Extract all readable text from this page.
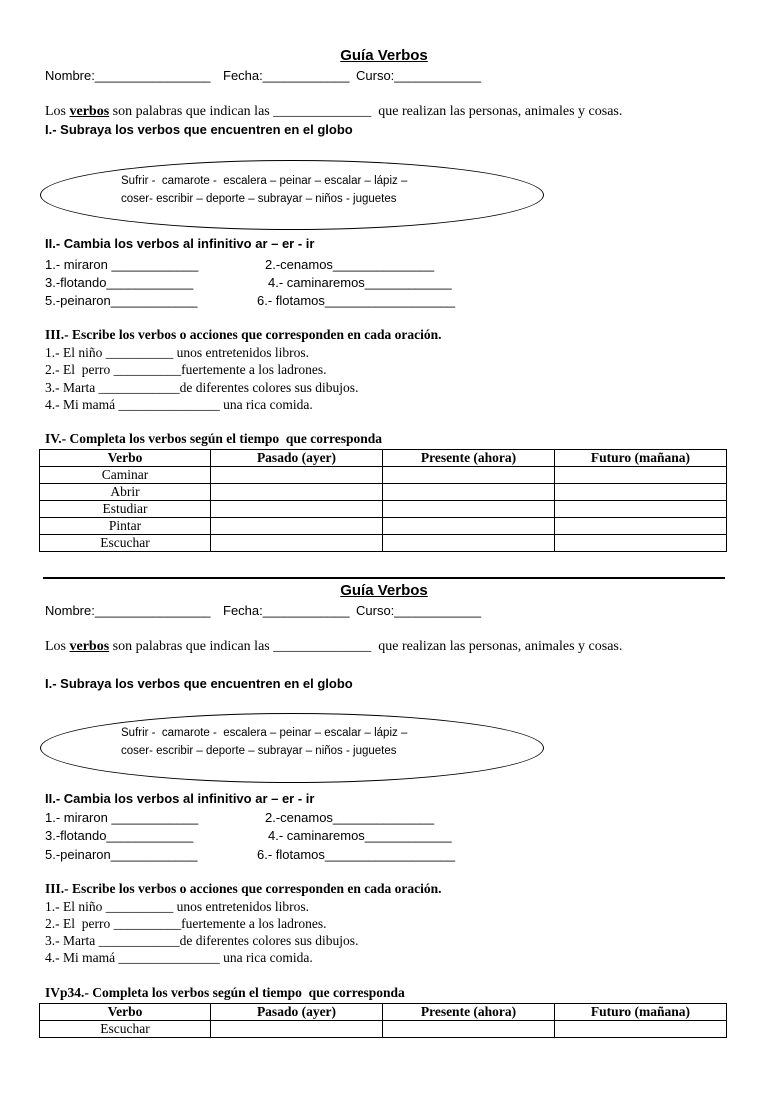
Guía Verbos
Nombre:________________ Fecha:____________ Curso:____________
Los verbos son palabras que indican las ______________  que realizan las personas, animales y cosas.
I.- Subraya los verbos que encuentren en el globo
Sufrir -  camarote -  escalera – peinar – escalar – lápiz –
coser- escribir – deporte – subrayar – niños - juguetes
II.- Cambia los verbos al infinitivo ar – er - ir
1.- miraron ____________	2.-cenamos______________
3.-flotando____________	4.- caminaremos____________
5.-peinaron____________	6.- flotamos__________________
III.- Escribe los verbos o acciones que corresponden en cada oración.
1.- El niño __________ unos entretenidos libros.
2.- El  perro __________fuertemente a los ladrones.
3.- Marta ____________de diferentes colores sus dibujos.
4.- Mi mamá _______________ una rica comida.
IV.- Completa los verbos según el tiempo  que corresponda
Verbo	Pasado (ayer)	Presente (ahora)	Futuro (mañana)
Caminar			
Abrir			
Estudiar			
Pintar			
Escuchar			
Guía Verbos
Nombre:________________ Fecha:____________ Curso:____________
Los verbos son palabras que indican las ______________  que realizan las personas, animales y cosas.
I.- Subraya los verbos que encuentren en el globo
Sufrir -  camarote -  escalera – peinar – escalar – lápiz –
coser- escribir – deporte – subrayar – niños - juguetes
II.- Cambia los verbos al infinitivo ar – er - ir
1.- miraron ____________	2.-cenamos______________
3.-flotando____________	4.- caminaremos____________
5.-peinaron____________	6.- flotamos__________________
III.- Escribe los verbos o acciones que corresponden en cada oración.
1.- El niño __________ unos entretenidos libros.
2.- El  perro __________fuertemente a los ladrones.
3.- Marta ____________de diferentes colores sus dibujos.
4.- Mi mamá _______________ una rica comida.
IVp34.- Completa los verbos según el tiempo  que corresponda
Verbo	Pasado (ayer)	Presente (ahora)	Futuro (mañana)
Escuchar			
